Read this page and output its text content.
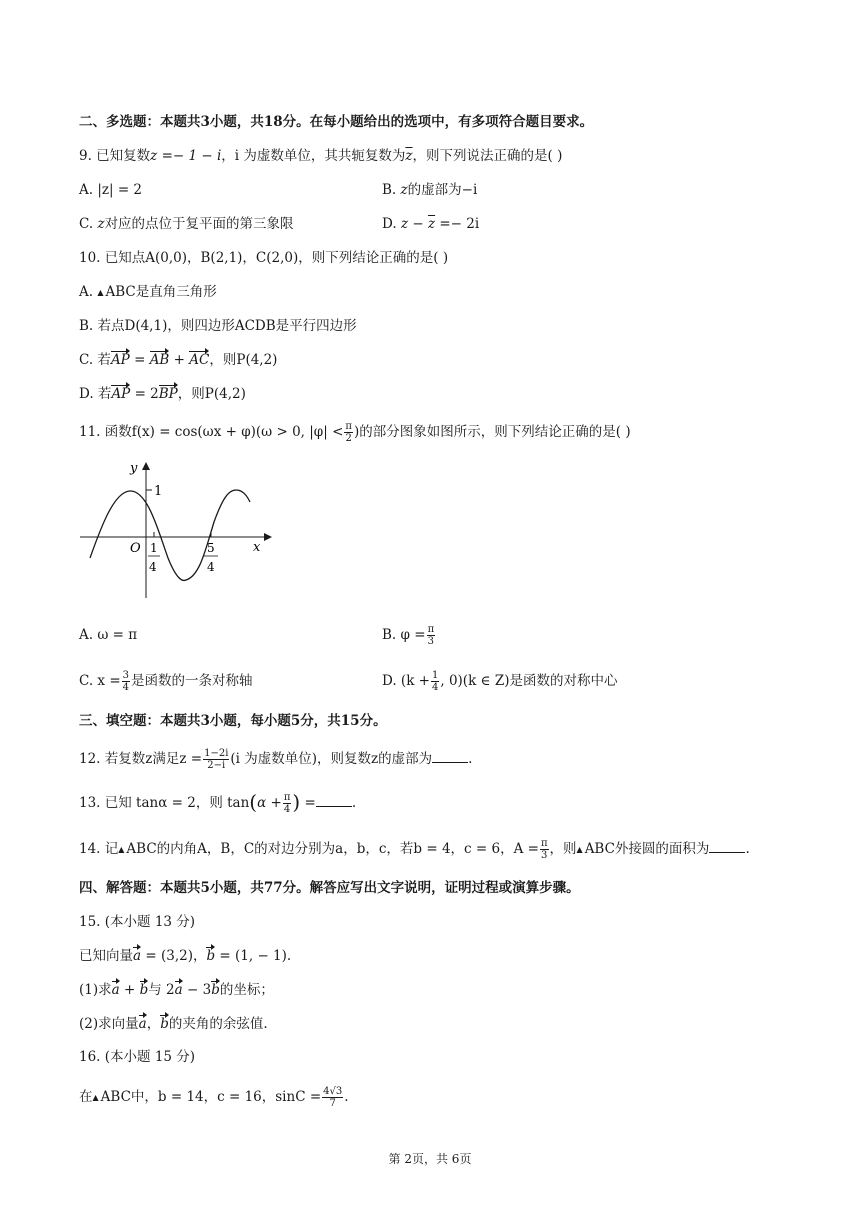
二、多选题：本题共3小题，共18分。在每小题给出的选项中，有多项符合题目要求。
9. 已知复数z =− 1 − i，i 为虚数单位，其共轭复数为$\overline{z}$，则下列说法正确的是( )
A. |z| = 2	B. z的虚部为−i
C. z对应的点位于复平面的第三象限	D. $z - \overline{z} =- 2i$
10. 已知点A(0,0)，B(2,1)，C(2,0)，则下列结论正确的是( )
A. ▲ ABC是直角三角形
B. 若点D(4,1)，则四边形ACDB是平行四边形
C. 若AP = AB + AC，则P(4,2)
D. 若AP = 2BP，则P(4,2)
11. 函数f(x) = cos(ωx + φ)(ω > 0, $|\varphi| < \frac{\pi}{2}$ )的部分图象如图所示，则下列结论正确的是( )
y
x
O
1
1
4
5
4
A. ω = π	B. $\varphi = \frac{\pi}{3}$
C. $x = \frac{3}{4}$ 是函数的一条对称轴	D. ($k + \frac{1}{4}$ , 0)(k ∈ Z)是函数的对称中心
三、填空题：本题共3小题，每小题5分，共15分。
12. 若复数z满足$z = \frac{1-2i}{2-i} (i$ 为虚数单位)，则复数z的虚部为	.
13. 已知 tanα = 2，则 $\tan(\alpha + \frac{\pi}{4}$ ) =	.
14. 记▲ ABC的内角A，B，C的对边分别为a，b，c，若b = 4，c = 6，$A = \frac{\pi}{3}$ ，则▲ ABC外接圆的面积为	.
四、解答题：本题共5小题，共77分。解答应写出文字说明，证明过程或演算步骤。
15. (本小题 13 分)
已知向量a = (3,2)，b = (1, − 1).
(1)求a + b与 2a − 3b的坐标；
(2)求向量a，b的夹角的余弦值.
16. (本小题 15 分)
在▲ ABC中，b = 14，c = 16，$\sin C = \frac{4√3}{7}$ .
第 2页，共 6页
